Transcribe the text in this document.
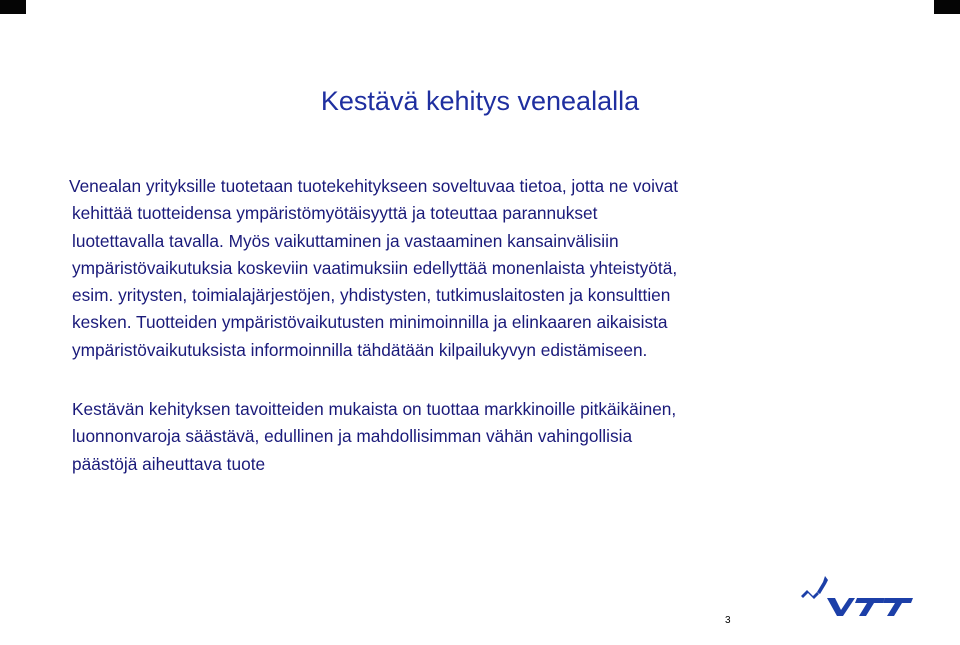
Kestävä kehitys venealalla

Venealan yrityksille tuotetaan tuotekehitykseen soveltuvaa tietoa, jotta ne voivat
kehittää tuotteidensa ympäristömyötäisyyttä ja toteuttaa parannukset
luotettavalla tavalla. Myös vaikuttaminen ja vastaaminen kansainvälisiin
ympäristövaikutuksia koskeviin vaatimuksiin edellyttää monenlaista yhteistyötä,
esim. yritysten, toimialajärjestöjen, yhdistysten, tutkimuslaitosten ja konsulttien
kesken. Tuotteiden ympäristövaikutusten minimoinnilla ja elinkaaren aikaisista
ympäristövaikutuksista informoinnilla tähdätään kilpailukyvyn edistämiseen.

Kestävän kehityksen tavoitteiden mukaista on tuottaa markkinoille pitkäikäinen,
luonnonvaroja säästävä, edullinen ja mahdollisimman vähän vahingollisia
päästöjä aiheuttava tuote

3
